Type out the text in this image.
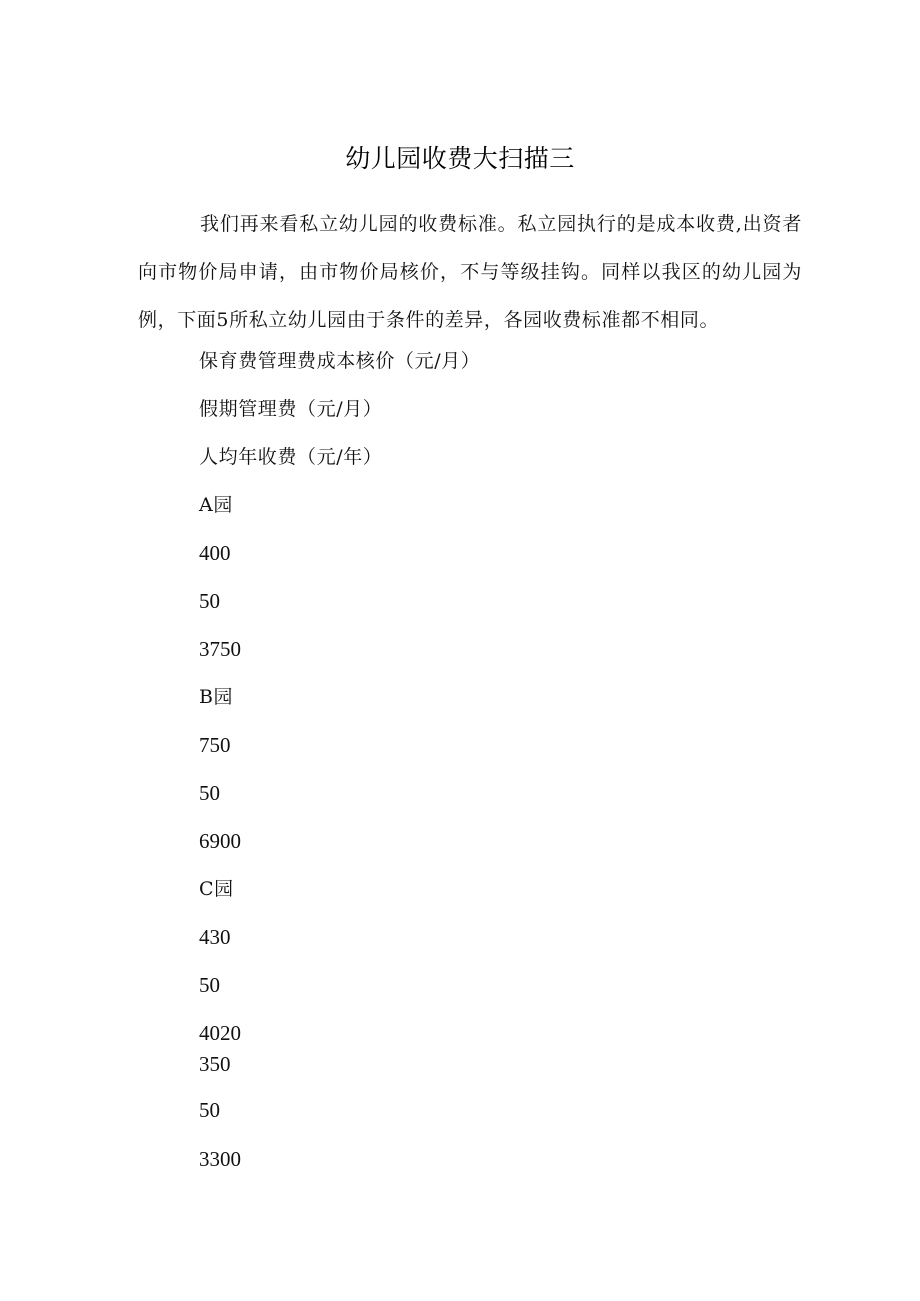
幼儿园收费大扫描三

我们再来看私立幼儿园的收费标准。私立园执行的是成本收费,出资者向市物价局申请，由市物价局核价，不与等级挂钩。同样以我区的幼儿园为例，下面5所私立幼儿园由于条件的差异，各园收费标准都不相同。

保育费管理费成本核价（元/月）
假期管理费（元/月）
人均年收费（元/年）
A园
400
50
3750
B园
750
50
6900
C园
430
50
4020
350
50
3300
